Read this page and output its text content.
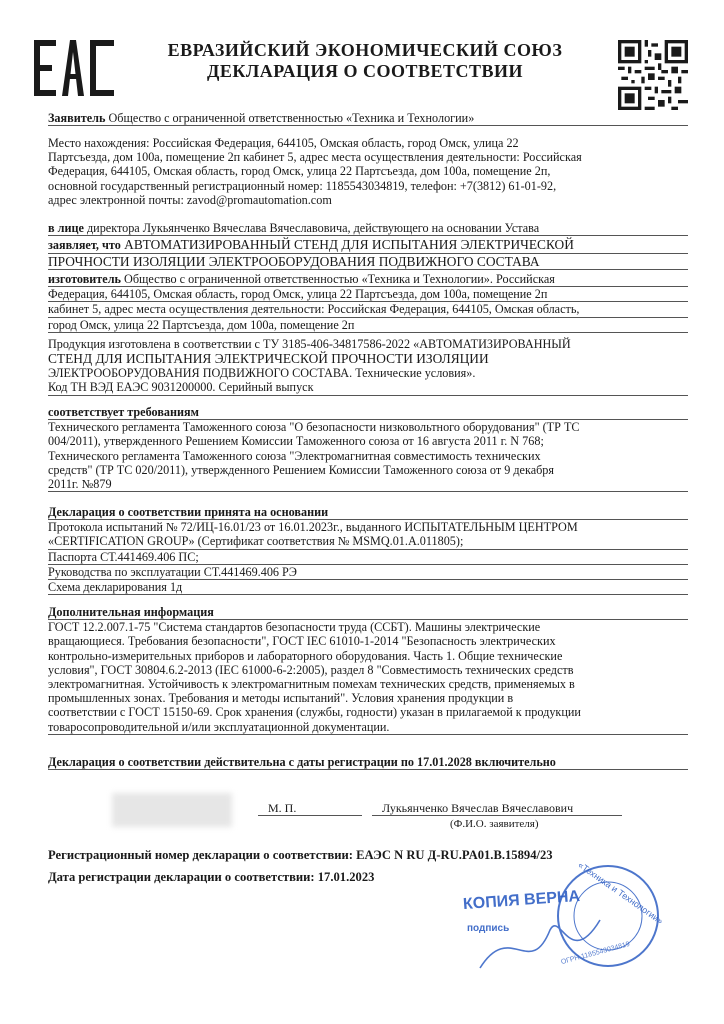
ЕВРАЗИЙСКИЙ ЭКОНОМИЧЕСКИЙ СОЮЗ
ДЕКЛАРАЦИЯ О СООТВЕТСТВИИ
Заявитель Общество с ограниченной ответственностью «Техника и Технологии»
Место нахождения: Российская Федерация, 644105, Омская область, город Омск, улица 22
Партсъезда, дом 100а, помещение 2п кабинет 5, адрес места осуществления деятельности: Российская
Федерация, 644105, Омская область, город Омск, улица 22 Партсъезда, дом 100а, помещение 2п,
основной государственный регистрационный номер: 1185543034819, телефон: +7(3812) 61-01-92,
адрес электронной почты: zavod@promautomation.com
в лице директора Лукьянченко Вячеслава Вячеславовича, действующего на основании Устава
заявляет, что АВТОМАТИЗИРОВАННЫЙ СТЕНД ДЛЯ ИСПЫТАНИЯ ЭЛЕКТРИЧЕСКОЙ
ПРОЧНОСТИ ИЗОЛЯЦИИ ЭЛЕКТРООБОРУДОВАНИЯ ПОДВИЖНОГО СОСТАВА
изготовитель Общество с ограниченной ответственностью «Техника и Технологии». Российская
Федерация, 644105, Омская область, город Омск, улица 22 Партсъезда, дом 100а, помещение 2п
кабинет 5, адрес места осуществления деятельности: Российская Федерация, 644105, Омская область,
город Омск, улица 22 Партсъезда, дом 100а, помещение 2п
Продукция изготовлена в соответствии с ТУ 3185-406-34817586-2022 «АВТОМАТИЗИРОВАННЫЙ
СТЕНД ДЛЯ ИСПЫТАНИЯ ЭЛЕКТРИЧЕСКОЙ ПРОЧНОСТИ ИЗОЛЯЦИИ
ЭЛЕКТРООБОРУДОВАНИЯ ПОДВИЖНОГО СОСТАВА. Технические условия».
Код ТН ВЭД ЕАЭС 9031200000. Серийный выпуск
соответствует требованиям
Технического регламента Таможенного союза "О безопасности низковольтного оборудования" (ТР ТС
004/2011), утвержденного Решением Комиссии Таможенного союза от 16 августа 2011 г. N 768;
Технического регламента Таможенного союза "Электромагнитная совместимость технических
средств" (ТР ТС 020/2011), утвержденного Решением Комиссии Таможенного союза от 9 декабря
2011г. №879
Декларация о соответствии принята на основании
Протокола испытаний № 72/ИЦ-16.01/23 от 16.01.2023г., выданного ИСПЫТАТЕЛЬНЫМ ЦЕНТРОМ
«CERTIFICATION GROUP» (Сертификат соответствия № MSMQ.01.A.011805);
Паспорта СТ.441469.406 ПС;
Руководства по эксплуатации СТ.441469.406 РЭ
Схема декларирования 1д
Дополнительная информация
ГОСТ 12.2.007.1-75 "Система стандартов безопасности труда (ССБТ). Машины электрические
вращающиеся. Требования безопасности", ГОСТ IEC 61010-1-2014 "Безопасность электрических
контрольно-измерительных приборов и лабораторного оборудования. Часть 1. Общие технические
условия", ГОСТ 30804.6.2-2013 (IEC 61000-6-2:2005), раздел 8 "Совместимость технических средств
электромагнитная. Устойчивость к электромагнитным помехам технических средств, применяемых в
промышленных зонах. Требования и методы испытаний". Условия хранения продукции в
соответствии с ГОСТ 15150-69. Срок хранения (службы, годности) указан в прилагаемой к продукции
товаросопроводительной и/или эксплуатационной документации.
Декларация о соответствии действительна с даты регистрации по 17.01.2028 включительно
М. П.	Лукьянченко Вячеслав Вячеславович
(Ф.И.О. заявителя)
Регистрационный номер декларации о соответствии: ЕАЭС N RU Д-RU.PA01.B.15894/23
Дата регистрации декларации о соответствии: 17.01.2023
КОПИЯ ВЕРНА
подпись
«Техника и Технологии»
ОГРН 1185543034819
